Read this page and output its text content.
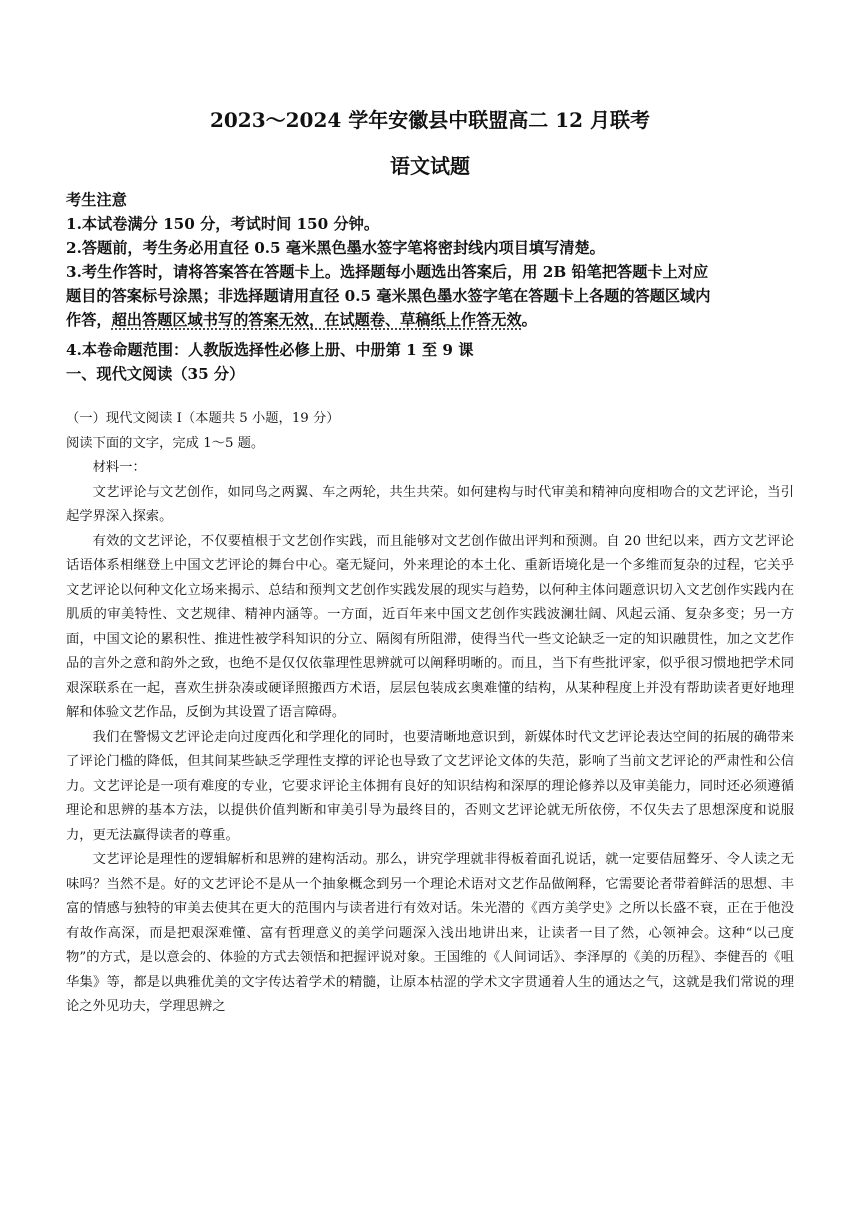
2023～2024 学年安徽县中联盟高二 12 月联考
语文试题

考生注意

1.本试卷满分 150 分，考试时间 150 分钟。

2.答题前，考生务必用直径 0.5 毫米黑色墨水签字笔将密封线内项目填写清楚。

3.考生作答时，请将答案答在答题卡上。选择题每小题选出答案后，用 2B 铅笔把答题卡上对应

题目的答案标号涂黑；非选择题请用直径 0.5 毫米黑色墨水签字笔在答题卡上各题的答题区域内

作答，超出答题区域书写的答案无效，在试题卷、草稿纸上作答无效。

4.本卷命题范围：人教版选择性必修上册、中册第 1 至 9 课

一、现代文阅读（35 分）

（一）现代文阅读 I（本题共 5 小题，19 分）

阅读下面的文字，完成 1～5 题。

材料一：

文艺评论与文艺创作，如同鸟之两翼、车之两轮，共生共荣。如何建构与时代审美和精神向度相吻合的文艺评论，当引起学界深入探索。

有效的文艺评论，不仅要植根于文艺创作实践，而且能够对文艺创作做出评判和预测。自 20 世纪以来，西方文艺评论话语体系相继登上中国文艺评论的舞台中心。毫无疑问，外来理论的本土化、重新语境化是一个多维而复杂的过程，它关乎文艺评论以何种文化立场来揭示、总结和预判文艺创作实践发展的现实与趋势，以何种主体问题意识切入文艺创作实践内在肌质的审美特性、文艺规律、精神内涵等。一方面，近百年来中国文艺创作实践波澜壮阔、风起云涌、复杂多变；另一方面，中国文论的累积性、推进性被学科知识的分立、隔阂有所阻滞，使得当代一些文论缺乏一定的知识融贯性，加之文艺作品的言外之意和韵外之致，也绝不是仅仅依靠理性思辨就可以阐释明晰的。而且，当下有些批评家，似乎很习惯地把学术同艰深联系在一起，喜欢生拼杂凑或硬译照搬西方术语，层层包装成玄奥难懂的结构，从某种程度上并没有帮助读者更好地理解和体验文艺作品，反倒为其设置了语言障碍。

我们在警惕文艺评论走向过度西化和学理化的同时，也要清晰地意识到，新媒体时代文艺评论表达空间的拓展的确带来了评论门槛的降低，但其间某些缺乏学理性支撑的评论也导致了文艺评论文体的失范，影响了当前文艺评论的严肃性和公信力。文艺评论是一项有难度的专业，它要求评论主体拥有良好的知识结构和深厚的理论修养以及审美能力，同时还必须遵循理论和思辨的基本方法，以提供价值判断和审美引导为最终目的，否则文艺评论就无所依傍，不仅失去了思想深度和说服力，更无法赢得读者的尊重。

文艺评论是理性的逻辑解析和思辨的建构活动。那么，讲究学理就非得板着面孔说话，就一定要佶屈聱牙、令人读之无味吗？当然不是。好的文艺评论不是从一个抽象概念到另一个理论术语对文艺作品做阐释，它需要论者带着鲜活的思想、丰富的情感与独特的审美去使其在更大的范围内与读者进行有效对话。朱光潜的《西方美学史》之所以长盛不衰，正在于他没有故作高深，而是把艰深难懂、富有哲理意义的美学问题深入浅出地讲出来，让读者一目了然，心领神会。这种“以己度物”的方式，是以意会的、体验的方式去领悟和把握评说对象。王国维的《人间词话》、李泽厚的《美的历程》、李健吾的《咀华集》等，都是以典雅优美的文字传达着学术的精髓，让原本枯涩的学术文字贯通着人生的通达之气，这就是我们常说的理论之外见功夫，学理思辨之
